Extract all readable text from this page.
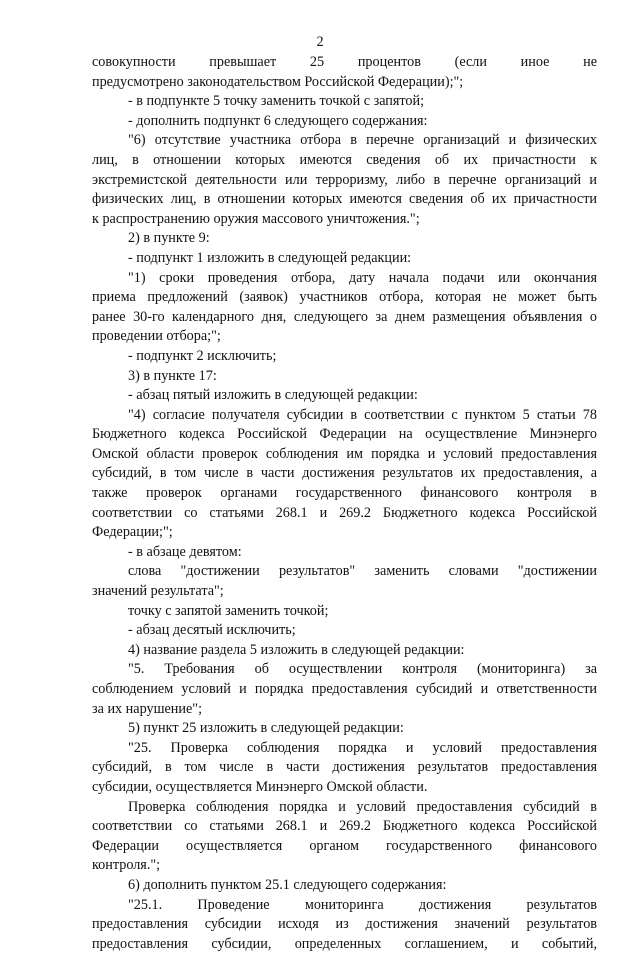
2
совокупности превышает 25 процентов (если иное не
предусмотрено законодательством Российской Федерации);";
- в подпункте 5 точку заменить точкой с запятой;
- дополнить подпункт 6 следующего содержания:
"6) отсутствие участника отбора в перечне организаций и физических
лиц, в отношении которых имеются сведения об их причастности к
экстремистской деятельности или терроризму, либо в перечне организаций и
физических лиц, в отношении которых имеются сведения об их причастности
к распространению оружия массового уничтожения.";
2) в пункте 9:
- подпункт 1 изложить в следующей редакции:
"1) сроки проведения отбора, дату начала подачи или окончания
приема предложений (заявок) участников отбора, которая не может быть
ранее 30-го календарного дня, следующего за днем размещения объявления о
проведении отбора;";
- подпункт 2 исключить;
3) в пункте 17:
- абзац пятый изложить в следующей редакции:
"4) согласие получателя субсидии в соответствии с пунктом 5 статьи 78
Бюджетного кодекса Российской Федерации на осуществление Минэнерго
Омской области проверок соблюдения им порядка и условий предоставления
субсидий, в том числе в части достижения результатов их предоставления, а
также проверок органами государственного финансового контроля в
соответствии со статьями 268.1 и 269.2 Бюджетного кодекса Российской
Федерации;";
- в абзаце девятом:
слова "достижении результатов" заменить словами "достижении
значений результата";
точку с запятой заменить точкой;
- абзац десятый исключить;
4) название раздела 5 изложить в следующей редакции:
"5. Требования об осуществлении контроля (мониторинга) за
соблюдением условий и порядка предоставления субсидий и ответственности
за их нарушение";
5) пункт 25 изложить в следующей редакции:
"25. Проверка соблюдения порядка и условий предоставления
субсидий, в том числе в части достижения результатов предоставления
субсидии, осуществляется Минэнерго Омской области.
Проверка соблюдения порядка и условий предоставления субсидий в
соответствии со статьями 268.1 и 269.2 Бюджетного кодекса Российской
Федерации осуществляется органом государственного финансового
контроля.";
6) дополнить пунктом 25.1 следующего содержания:
"25.1. Проведение мониторинга достижения результатов
предоставления субсидии исходя из достижения значений результатов
предоставления субсидии, определенных соглашением, и событий,
